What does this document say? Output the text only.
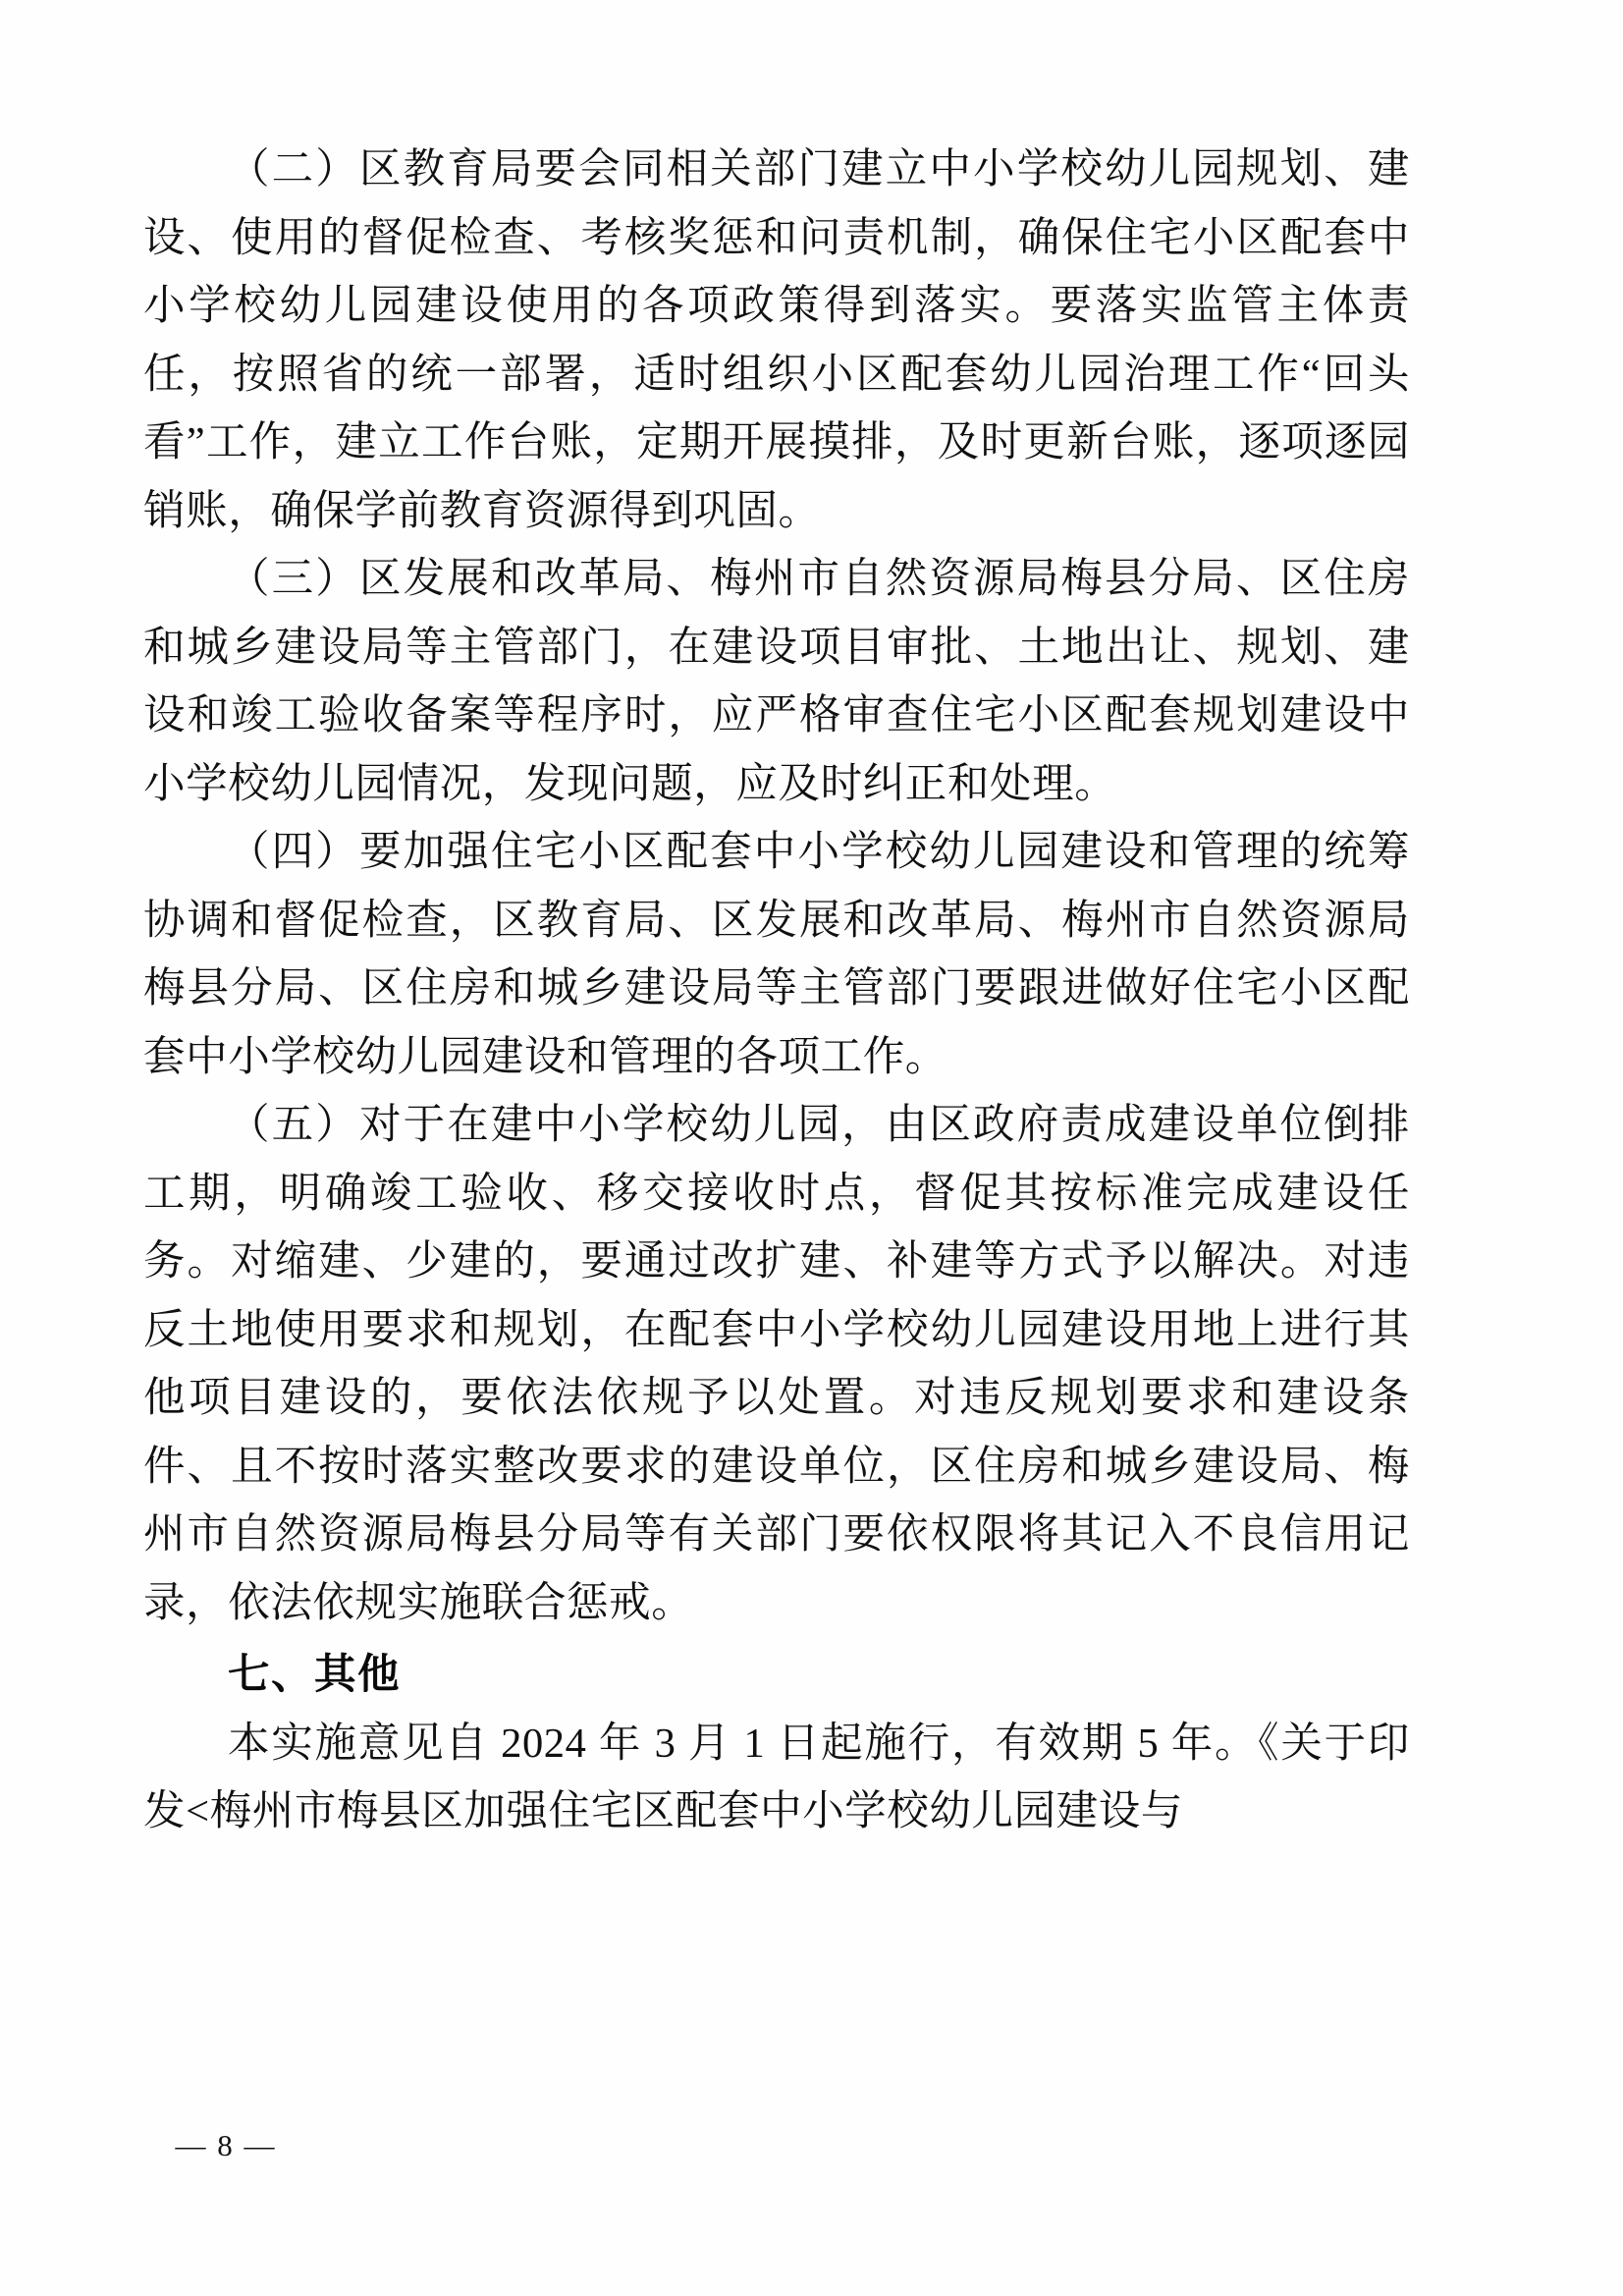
（二）区教育局要会同相关部门建立中小学校幼儿园规划、建设、使用的督促检查、考核奖惩和问责机制，确保住宅小区配套中小学校幼儿园建设使用的各项政策得到落实。要落实监管主体责任，按照省的统一部署，适时组织小区配套幼儿园治理工作“回头看”工作，建立工作台账，定期开展摸排，及时更新台账，逐项逐园销账，确保学前教育资源得到巩固。

（三）区发展和改革局、梅州市自然资源局梅县分局、区住房和城乡建设局等主管部门，在建设项目审批、土地出让、规划、建设和竣工验收备案等程序时，应严格审查住宅小区配套规划建设中小学校幼儿园情况，发现问题，应及时纠正和处理。

（四）要加强住宅小区配套中小学校幼儿园建设和管理的统筹协调和督促检查，区教育局、区发展和改革局、梅州市自然资源局梅县分局、区住房和城乡建设局等主管部门要跟进做好住宅小区配套中小学校幼儿园建设和管理的各项工作。

（五）对于在建中小学校幼儿园，由区政府责成建设单位倒排工期，明确竣工验收、移交接收时点，督促其按标准完成建设任务。对缩建、少建的，要通过改扩建、补建等方式予以解决。对违反土地使用要求和规划，在配套中小学校幼儿园建设用地上进行其他项目建设的，要依法依规予以处置。对违反规划要求和建设条件、且不按时落实整改要求的建设单位，区住房和城乡建设局、梅州市自然资源局梅县分局等有关部门要依权限将其记入不良信用记录，依法依规实施联合惩戒。

七、其他

本实施意见自 2024 年 3 月 1 日起施行，有效期 5 年。《关于印发<梅州市梅县区加强住宅区配套中小学校幼儿园建设与

— 8 —
